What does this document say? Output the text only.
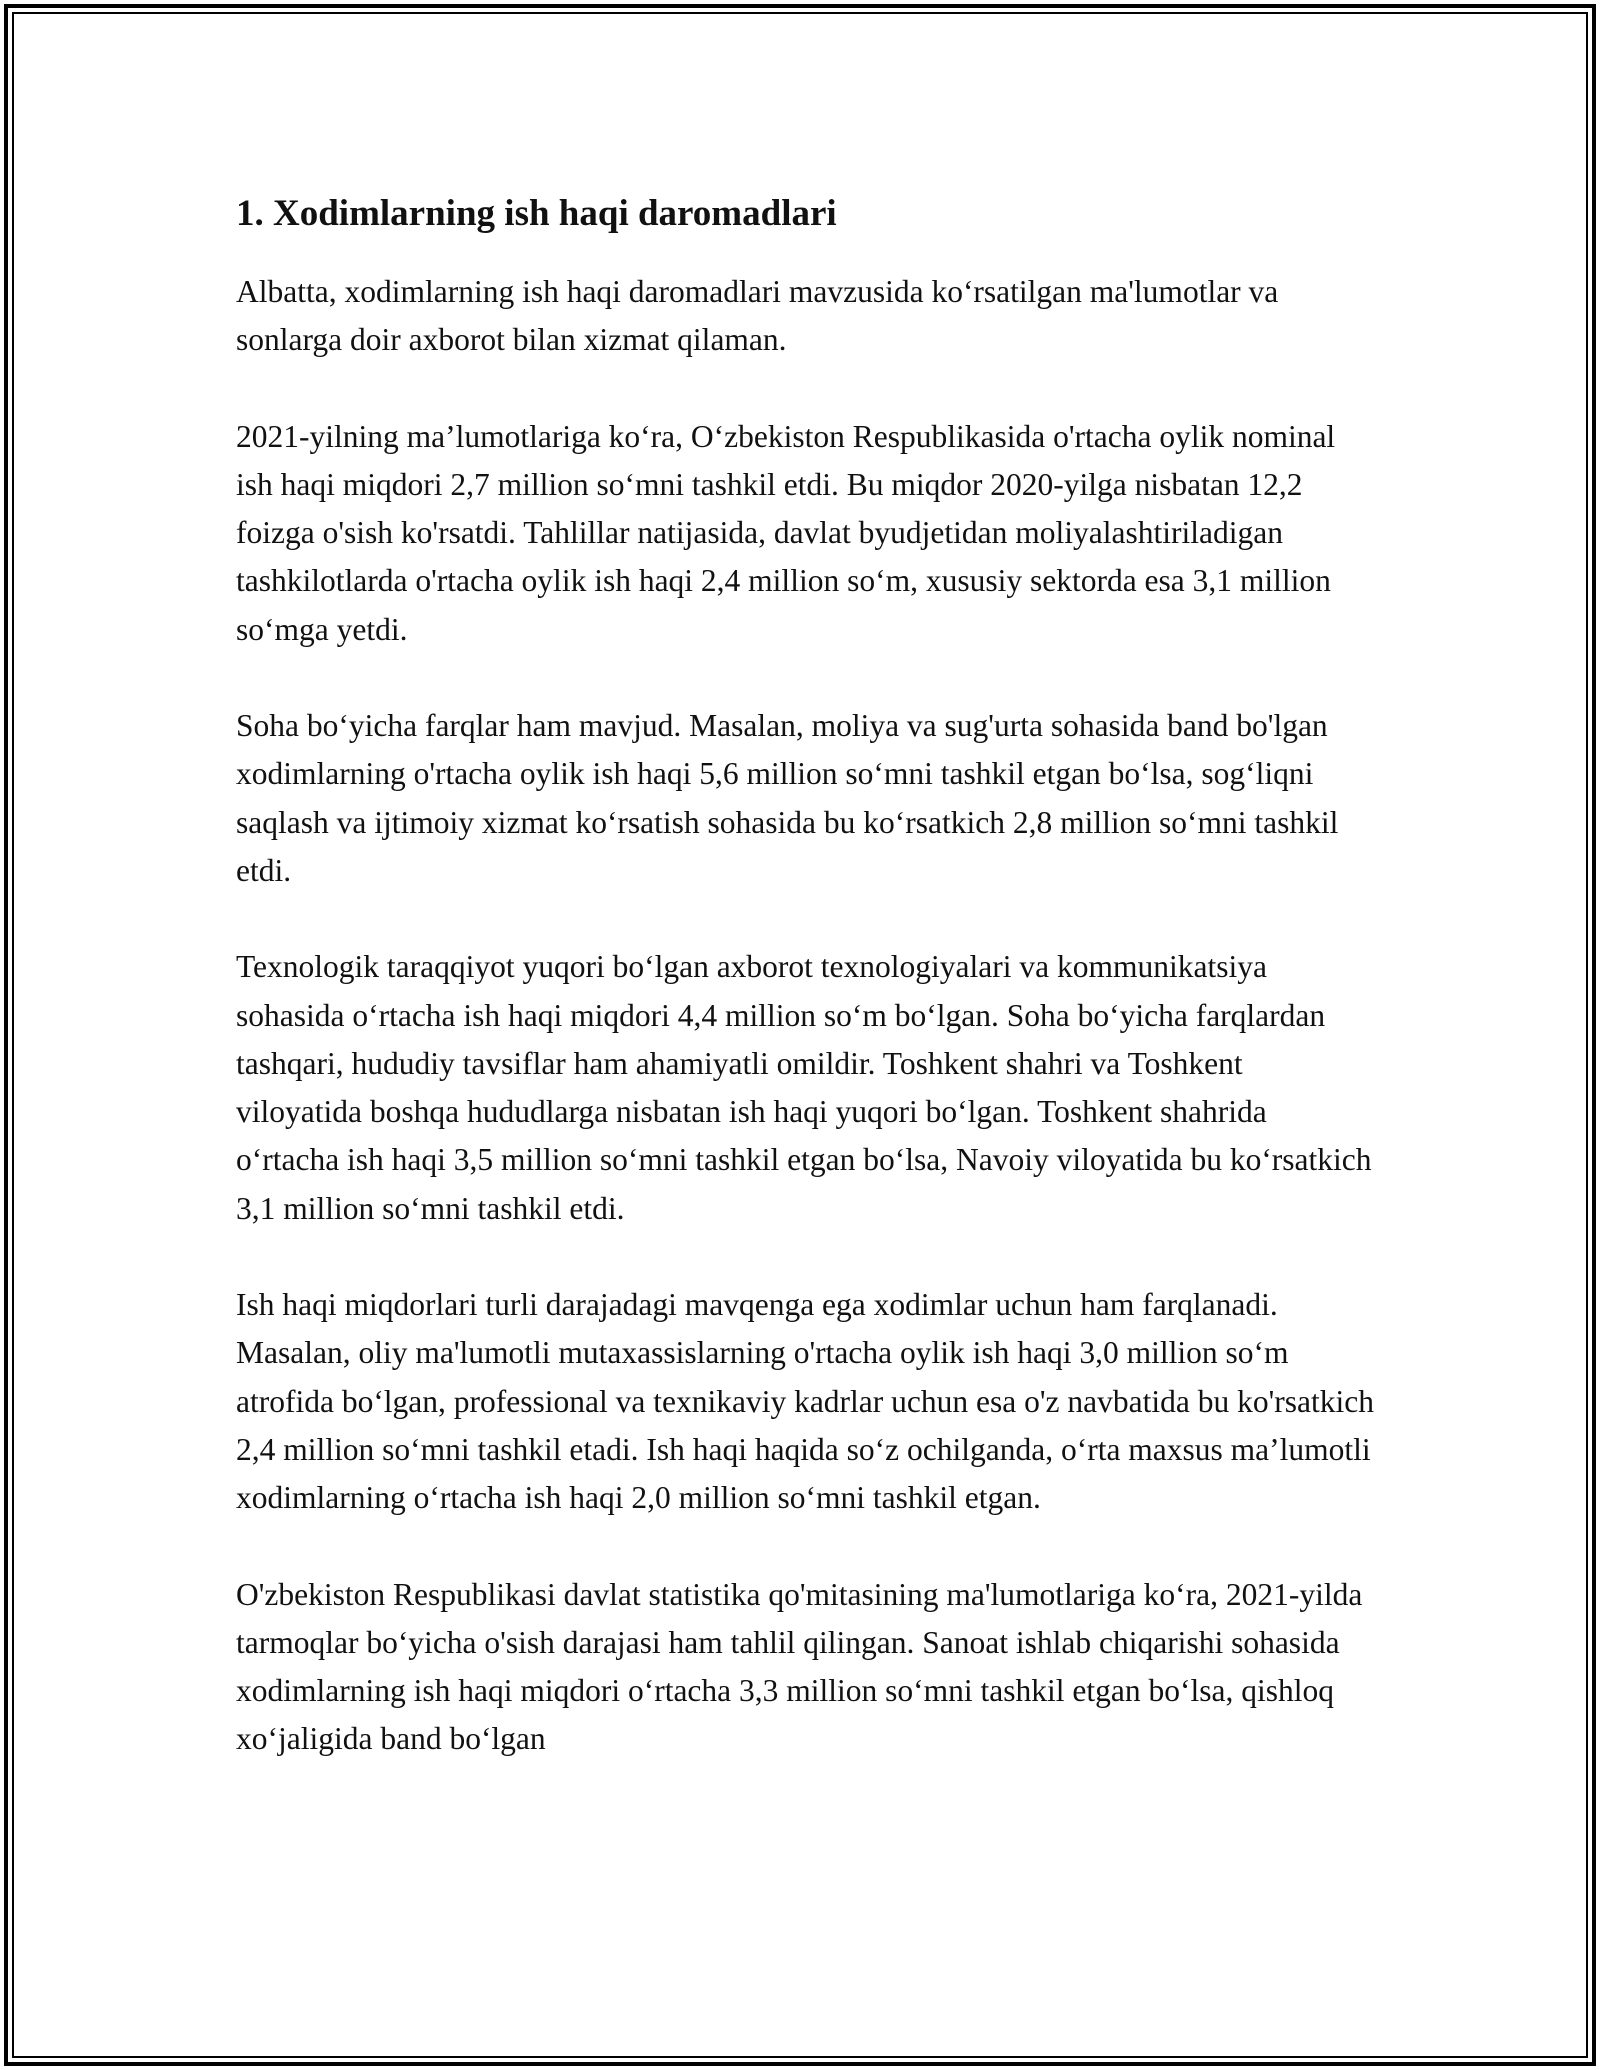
1. Xodimlarning ish haqi daromadlari

Albatta, xodimlarning ish haqi daromadlari mavzusida ko‘rsatilgan ma'lumotlar va sonlarga doir axborot bilan xizmat qilaman.

2021-yilning ma’lumotlariga ko‘ra, O‘zbekiston Respublikasida o'rtacha oylik nominal ish haqi miqdori 2,7 million so‘mni tashkil etdi. Bu miqdor 2020-yilga nisbatan 12,2 foizga o'sish ko'rsatdi. Tahlillar natijasida, davlat byudjetidan moliyalashtiriladigan tashkilotlarda o'rtacha oylik ish haqi 2,4 million so‘m, xususiy sektorda esa 3,1 million so‘mga yetdi.

Soha bo‘yicha farqlar ham mavjud. Masalan, moliya va sug'urta sohasida band bo'lgan xodimlarning o'rtacha oylik ish haqi 5,6 million so‘mni tashkil etgan bo‘lsa, sog‘liqni saqlash va ijtimoiy xizmat ko‘rsatish sohasida bu ko‘rsatkich 2,8 million so‘mni tashkil etdi.

Texnologik taraqqiyot yuqori bo‘lgan axborot texnologiyalari va kommunikatsiya sohasida o‘rtacha ish haqi miqdori 4,4 million so‘m bo‘lgan. Soha bo‘yicha farqlardan tashqari, hududiy tavsiflar ham ahamiyatli omildir. Toshkent shahri va Toshkent viloyatida boshqa hududlarga nisbatan ish haqi yuqori bo‘lgan. Toshkent shahrida o‘rtacha ish haqi 3,5 million so‘mni tashkil etgan bo‘lsa, Navoiy viloyatida bu ko‘rsatkich 3,1 million so‘mni tashkil etdi.

Ish haqi miqdorlari turli darajadagi mavqenga ega xodimlar uchun ham farqlanadi. Masalan, oliy ma'lumotli mutaxassislarning o'rtacha oylik ish haqi 3,0 million so‘m atrofida bo‘lgan, professional va texnikaviy kadrlar uchun esa o'z navbatida bu ko'rsatkich 2,4 million so‘mni tashkil etadi. Ish haqi haqida so‘z ochilganda, o‘rta maxsus ma’lumotli xodimlarning o‘rtacha ish haqi 2,0 million so‘mni tashkil etgan.

O'zbekiston Respublikasi davlat statistika qo'mitasining ma'lumotlariga ko‘ra, 2021-yilda tarmoqlar bo‘yicha o'sish darajasi ham tahlil qilingan. Sanoat ishlab chiqarishi sohasida xodimlarning ish haqi miqdori o‘rtacha 3,3 million so‘mni tashkil etgan bo‘lsa, qishloq xo‘jaligida band bo‘lgan
